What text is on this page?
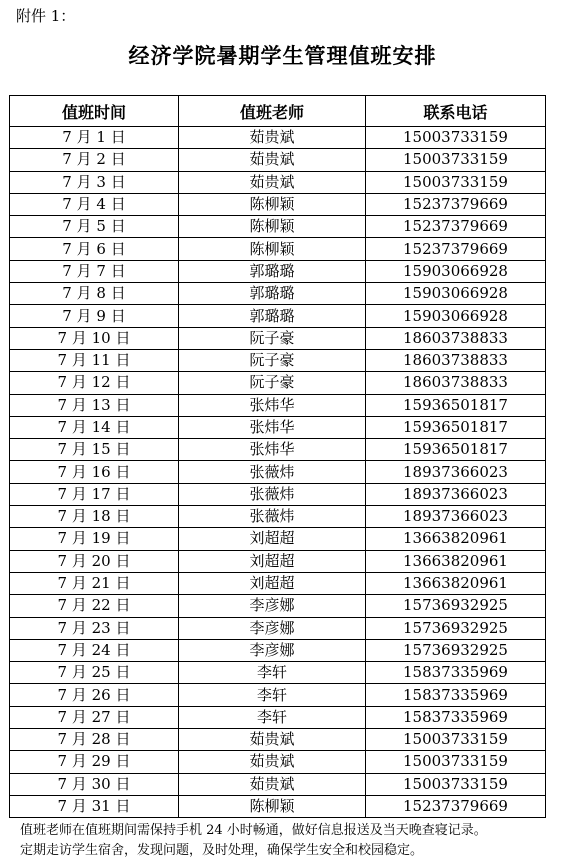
附件 1：
经济学院暑期学生管理值班安排
值班时间	值班老师	联系电话
7 月 1 日	茹贵斌	15003733159
7 月 2 日	茹贵斌	15003733159
7 月 3 日	茹贵斌	15003733159
7 月 4 日	陈柳颖	15237379669
7 月 5 日	陈柳颖	15237379669
7 月 6 日	陈柳颖	15237379669
7 月 7 日	郭璐璐	15903066928
7 月 8 日	郭璐璐	15903066928
7 月 9 日	郭璐璐	15903066928
7 月 10 日	阮子豪	18603738833
7 月 11 日	阮子豪	18603738833
7 月 12 日	阮子豪	18603738833
7 月 13 日	张炜华	15936501817
7 月 14 日	张炜华	15936501817
7 月 15 日	张炜华	15936501817
7 月 16 日	张薇炜	18937366023
7 月 17 日	张薇炜	18937366023
7 月 18 日	张薇炜	18937366023
7 月 19 日	刘超超	13663820961
7 月 20 日	刘超超	13663820961
7 月 21 日	刘超超	13663820961
7 月 22 日	李彦娜	15736932925
7 月 23 日	李彦娜	15736932925
7 月 24 日	李彦娜	15736932925
7 月 25 日	李轩	15837335969
7 月 26 日	李轩	15837335969
7 月 27 日	李轩	15837335969
7 月 28 日	茹贵斌	15003733159
7 月 29 日	茹贵斌	15003733159
7 月 30 日	茹贵斌	15003733159
7 月 31 日	陈柳颖	15237379669
值班老师在值班期间需保持手机 24 小时畅通，做好信息报送及当天晚查寝记录。
定期走访学生宿舍，发现问题，及时处理，确保学生安全和校园稳定。
